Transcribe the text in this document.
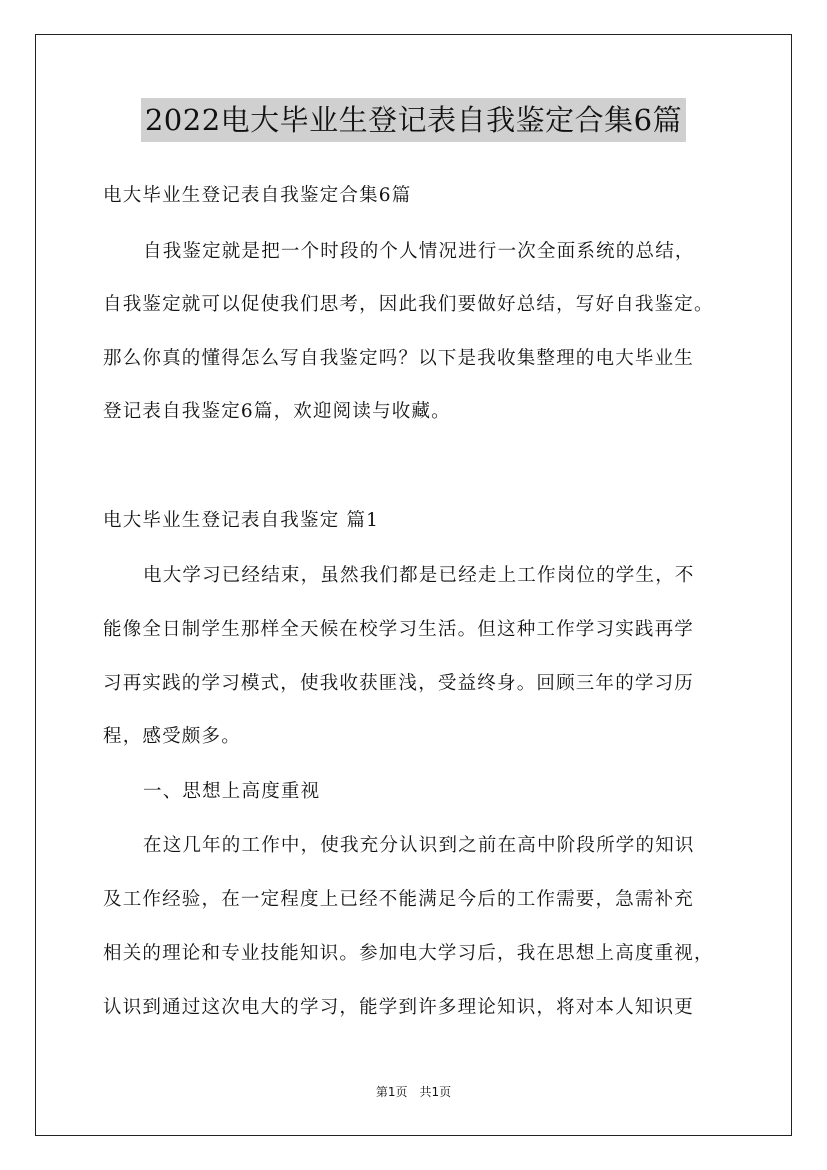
2022电大毕业生登记表自我鉴定合集6篇
电大毕业生登记表自我鉴定合集6篇
自我鉴定就是把一个时段的个人情况进行一次全面系统的总结，
自我鉴定就可以促使我们思考，因此我们要做好总结，写好自我鉴定。
那么你真的懂得怎么写自我鉴定吗？以下是我收集整理的电大毕业生
登记表自我鉴定6篇，欢迎阅读与收藏。
电大毕业生登记表自我鉴定 篇1
电大学习已经结束，虽然我们都是已经走上工作岗位的学生，不
能像全日制学生那样全天候在校学习生活。但这种工作学习实践再学
习再实践的学习模式，使我收获匪浅，受益终身。回顾三年的学习历
程，感受颇多。
一、思想上高度重视
在这几年的工作中，使我充分认识到之前在高中阶段所学的知识
及工作经验，在一定程度上已经不能满足今后的工作需要，急需补充
相关的理论和专业技能知识。参加电大学习后，我在思想上高度重视，
认识到通过这次电大的学习，能学到许多理论知识，将对本人知识更
第1页 共1页
